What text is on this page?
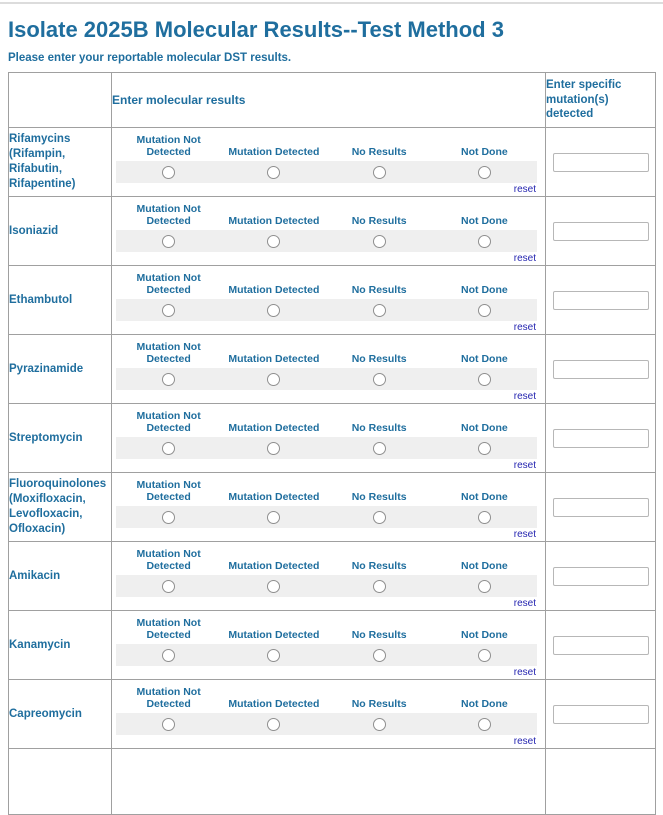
Isolate 2025B Molecular Results--Test Method 3

Please enter your reportable molecular DST results.

	Enter molecular results	Enter specific mutation(s) detected

Rifamycins (Rifampin, Rifabutin, Rifapentine)	Mutation Not Detected Mutation Detected No Results Not Done
reset

Isoniazid	Mutation Not Detected Mutation Detected No Results Not Done
reset

Ethambutol	Mutation Not Detected Mutation Detected No Results Not Done
reset

Pyrazinamide	Mutation Not Detected Mutation Detected No Results Not Done
reset

Streptomycin	Mutation Not Detected Mutation Detected No Results Not Done
reset

Fluoroquinolones (Moxifloxacin, Levofloxacin, Ofloxacin)	Mutation Not Detected Mutation Detected No Results Not Done
reset

Amikacin	Mutation Not Detected Mutation Detected No Results Not Done
reset

Kanamycin	Mutation Not Detected Mutation Detected No Results Not Done
reset

Capreomycin	Mutation Not Detected Mutation Detected No Results Not Done
reset
